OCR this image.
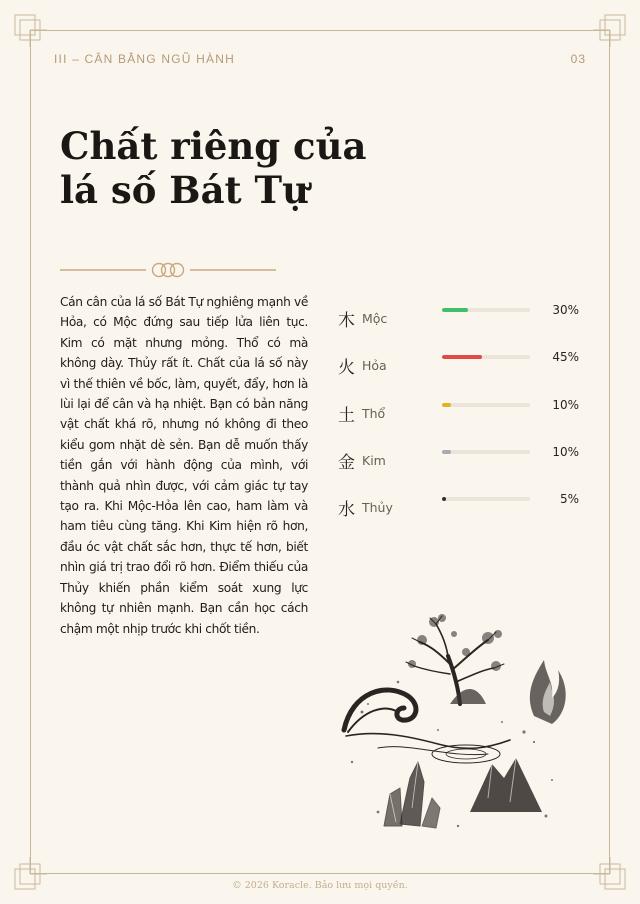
III – CÂN BẰNG NGŨ HÀNH	03
Chất riêng của
lá số Bát Tự

Cán cân của lá số Bát Tự nghiêng mạnh về Hỏa, có Mộc đứng sau tiếp lửa liên tục. Kim có mặt nhưng mỏng. Thổ có mà không dày. Thủy rất ít. Chất của lá số này vì thế thiên về bốc, làm, quyết, đẩy, hơn là lùi lại để cân và hạ nhiệt. Bạn có bản năng vật chất khá rõ, nhưng nó không đi theo kiểu gom nhặt dè sẻn. Bạn dễ muốn thấy tiền gắn với hành động của mình, với thành quả nhìn được, với cảm giác tự tay tạo ra. Khi Mộc-Hỏa lên cao, ham làm và ham tiêu cùng tăng. Khi Kim hiện rõ hơn, đầu óc vật chất sắc hơn, thực tế hơn, biết nhìn giá trị trao đổi rõ hơn. Điểm thiếu của Thủy khiến phần kiểm soát xung lực không tự nhiên mạnh. Bạn cần học cách chậm một nhịp trước khi chốt tiền.

木 Mộc
30%
火 Hỏa
45%
土 Thổ
10%
金 Kim
10%
水 Thủy
5%
© 2026 Koracle. Bảo lưu mọi quyền.
